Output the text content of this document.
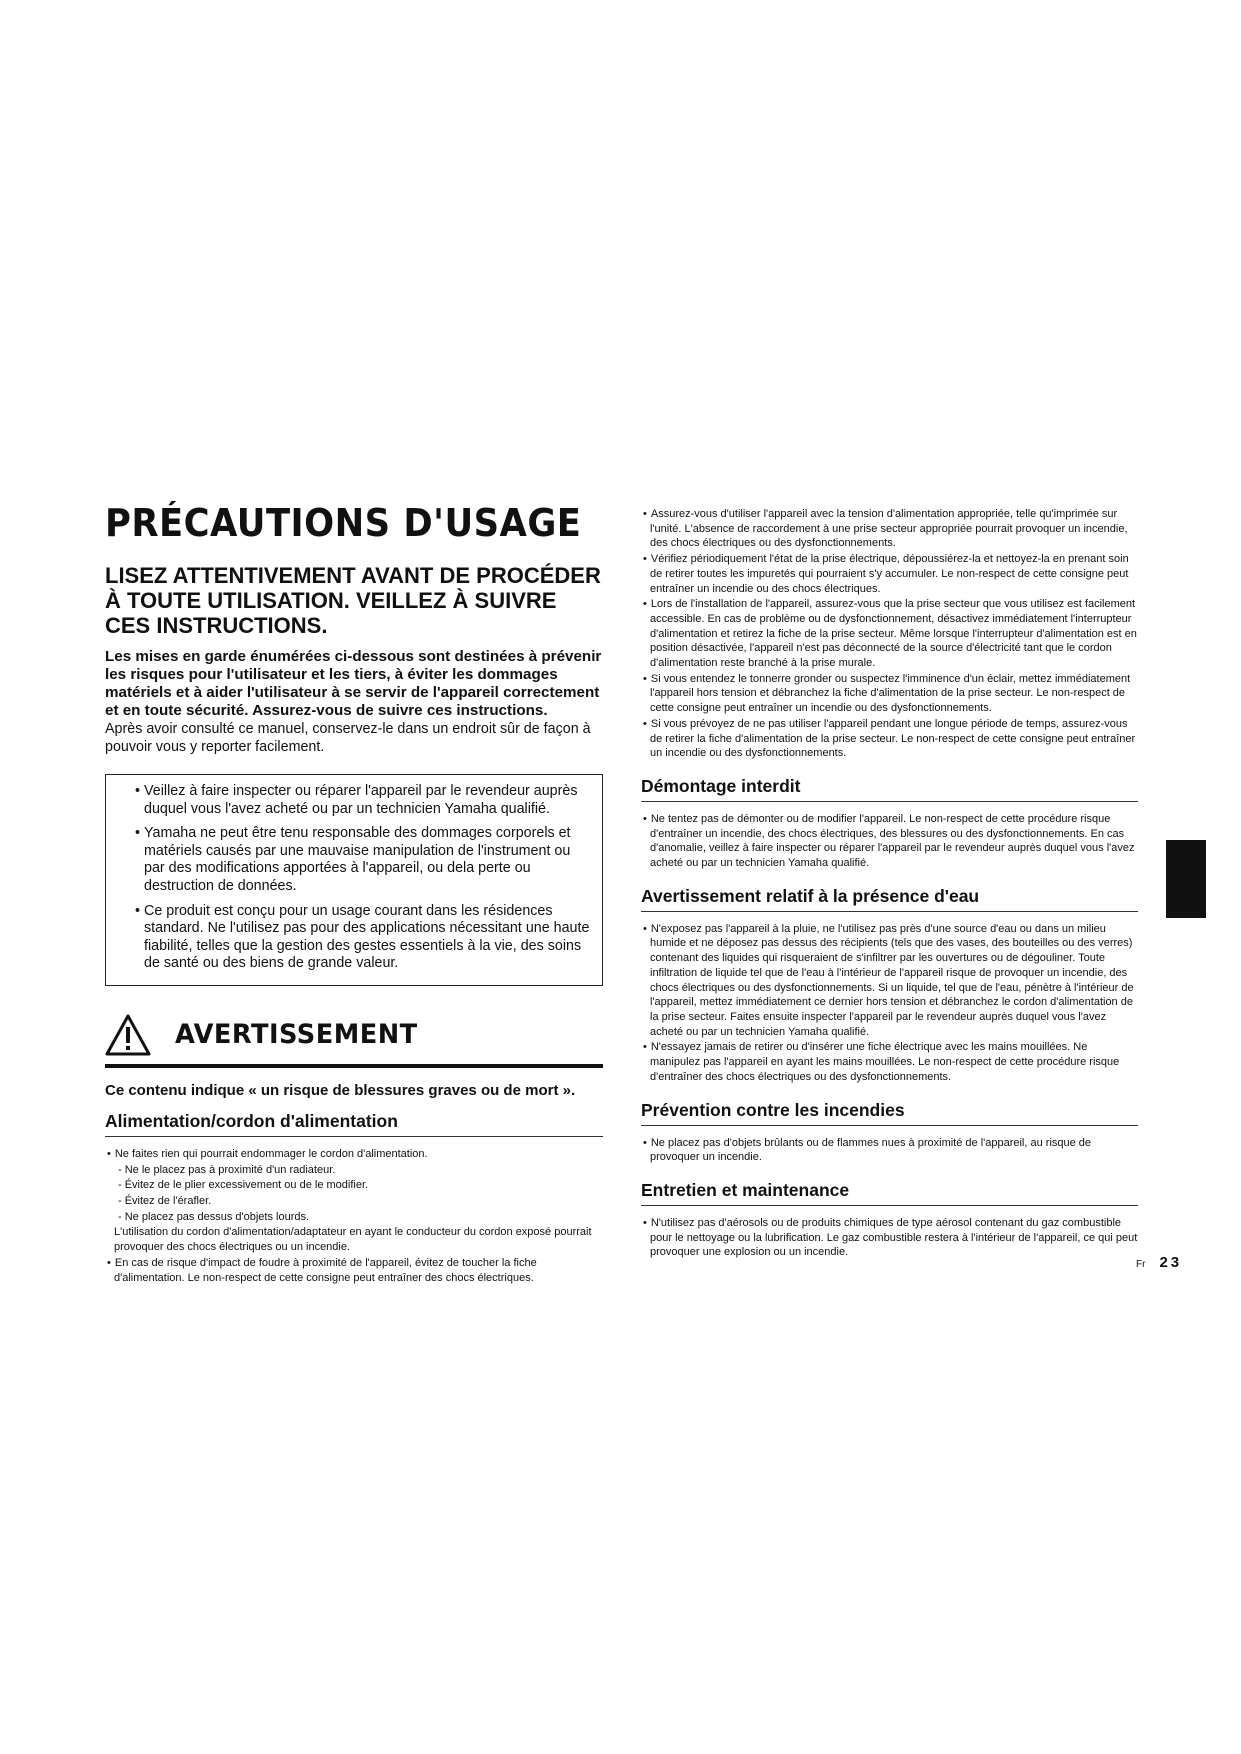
PRÉCAUTIONS D'USAGE
LISEZ ATTENTIVEMENT AVANT DE PROCÉDER À TOUTE UTILISATION. VEILLEZ À SUIVRE CES INSTRUCTIONS.

Les mises en garde énumérées ci-dessous sont destinées à prévenir les risques pour l'utilisateur et les tiers, à éviter les dommages matériels et à aider l'utilisateur à se servir de l'appareil correctement et en toute sécurité. Assurez-vous de suivre ces instructions.

Après avoir consulté ce manuel, conservez-le dans un endroit sûr de façon à pouvoir vous y reporter facilement.

• Veillez à faire inspecter ou réparer l'appareil par le revendeur auprès duquel vous l'avez acheté ou par un technicien Yamaha qualifié.
• Yamaha ne peut être tenu responsable des dommages corporels et matériels causés par une mauvaise manipulation de l'instrument ou par des modifications apportées à l'appareil, ou dela perte ou destruction de données.
• Ce produit est conçu pour un usage courant dans les résidences standard. Ne l'utilisez pas pour des applications nécessitant une haute fiabilité, telles que la gestion des gestes essentiels à la vie, des soins de santé ou des biens de grande valeur.
AVERTISSEMENT
Ce contenu indique « un risque de blessures graves ou de mort ».
Alimentation/cordon d'alimentation
• Ne faites rien qui pourrait endommager le cordon d'alimentation.
- Ne le placez pas à proximité d'un radiateur.
- Évitez de le plier excessivement ou de le modifier.
- Évitez de l'érafler.
- Ne placez pas dessus d'objets lourds.
L'utilisation du cordon d'alimentation/adaptateur en ayant le conducteur du cordon exposé pourrait provoquer des chocs électriques ou un incendie.
• En cas de risque d'impact de foudre à proximité de l'appareil, évitez de toucher la fiche d'alimentation. Le non-respect de cette consigne peut entraîner des chocs électriques.
• Assurez-vous d'utiliser l'appareil avec la tension d'alimentation appropriée, telle qu'imprimée sur l'unité. L'absence de raccordement à une prise secteur appropriée pourrait provoquer un incendie, des chocs électriques ou des dysfonctionnements.
• Vérifiez périodiquement l'état de la prise électrique, dépoussiérez-la et nettoyez-la en prenant soin de retirer toutes les impuretés qui pourraient s'y accumuler. Le non-respect de cette consigne peut entraîner un incendie ou des chocs électriques.
• Lors de l'installation de l'appareil, assurez-vous que la prise secteur que vous utilisez est facilement accessible. En cas de problème ou de dysfonctionnement, désactivez immédiatement l'interrupteur d'alimentation et retirez la fiche de la prise secteur. Même lorsque l'interrupteur d'alimentation est en position désactivée, l'appareil n'est pas déconnecté de la source d'électricité tant que le cordon d'alimentation reste branché à la prise murale.
• Si vous entendez le tonnerre gronder ou suspectez l'imminence d'un éclair, mettez immédiatement l'appareil hors tension et débranchez la fiche d'alimentation de la prise secteur. Le non-respect de cette consigne peut entraîner un incendie ou des dysfonctionnements.
• Si vous prévoyez de ne pas utiliser l'appareil pendant une longue période de temps, assurez-vous de retirer la fiche d'alimentation de la prise secteur. Le non-respect de cette consigne peut entraîner un incendie ou des dysfonctionnements.
Démontage interdit
• Ne tentez pas de démonter ou de modifier l'appareil. Le non-respect de cette procédure risque d'entraîner un incendie, des chocs électriques, des blessures ou des dysfonctionnements. En cas d'anomalie, veillez à faire inspecter ou réparer l'appareil par le revendeur auprès duquel vous l'avez acheté ou par un technicien Yamaha qualifié.
Avertissement relatif à la présence d'eau
• N'exposez pas l'appareil à la pluie, ne l'utilisez pas près d'une source d'eau ou dans un milieu humide et ne déposez pas dessus des récipients (tels que des vases, des bouteilles ou des verres) contenant des liquides qui risqueraient de s'infiltrer par les ouvertures ou de dégouliner. Toute infiltration de liquide tel que de l'eau à l'intérieur de l'appareil risque de provoquer un incendie, des chocs électriques ou des dysfonctionnements. Si un liquide, tel que de l'eau, pénètre à l'intérieur de l'appareil, mettez immédiatement ce dernier hors tension et débranchez le cordon d'alimentation de la prise secteur. Faites ensuite inspecter l'appareil par le revendeur auprès duquel vous l'avez acheté ou par un technicien Yamaha qualifié.
• N'essayez jamais de retirer ou d'insérer une fiche électrique avec les mains mouillées. Ne manipulez pas l'appareil en ayant les mains mouillées. Le non-respect de cette procédure risque d'entraîner des chocs électriques ou des dysfonctionnements.
Prévention contre les incendies
• Ne placez pas d'objets brûlants ou de flammes nues à proximité de l'appareil, au risque de provoquer un incendie.
Entretien et maintenance
• N'utilisez pas d'aérosols ou de produits chimiques de type aérosol contenant du gaz combustible pour le nettoyage ou la lubrification. Le gaz combustible restera à l'intérieur de l'appareil, ce qui peut provoquer une explosion ou un incendie.
Fr 23
